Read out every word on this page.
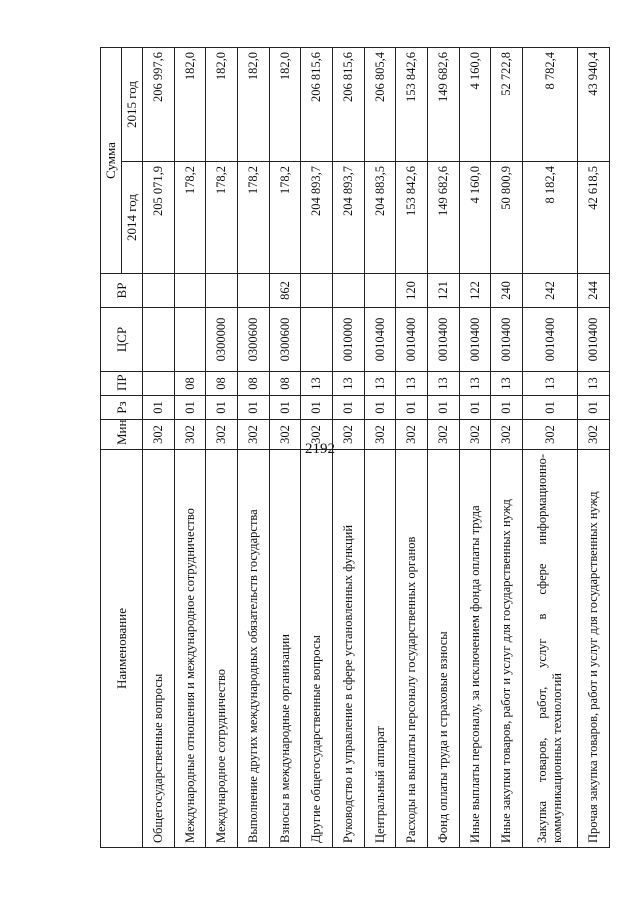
2192
Наименование	Мин	Рз	ПР	ЦСР	ВР	Сумма	
						2014 год	2015 год
Общегосударственные вопросы	302	01				205 071,9	206 997,6
Международные отношения и международное сотрудничество	302	01	08			178,2	182,0
Международное сотрудничество	302	01	08	0300000		178,2	182,0
Выполнение других международных обязательств государства	302	01	08	0300600		178,2	182,0
Взносы в международные организации	302	01	08	0300600	862	178,2	182,0
Другие общегосударственные вопросы	302	01	13			204 893,7	206 815,6
Руководство и управление в сфере установленных функций	302	01	13	0010000		204 893,7	206 815,6
Центральный аппарат	302	01	13	0010400		204 883,5	206 805,4
Расходы на выплаты персоналу государственных органов	302	01	13	0010400	120	153 842,6	153 842,6
Фонд оплаты труда и страховые взносы	302	01	13	0010400	121	149 682,6	149 682,6
Иные выплаты персоналу, за исключением фонда оплаты труда	302	01	13	0010400	122	4 160,0	4 160,0
Иные закупки товаров, работ и услуг для государственных нужд	302	01	13	0010400	240	50 800,9	52 722,8
Закупка товаров, работ, услуг в сфере информационно-коммуникационных технологий	302	01	13	0010400	242	8 182,4	8 782,4
Прочая закупка товаров, работ и услуг для государственных нужд	302	01	13	0010400	244	42 618,5	43 940,4
